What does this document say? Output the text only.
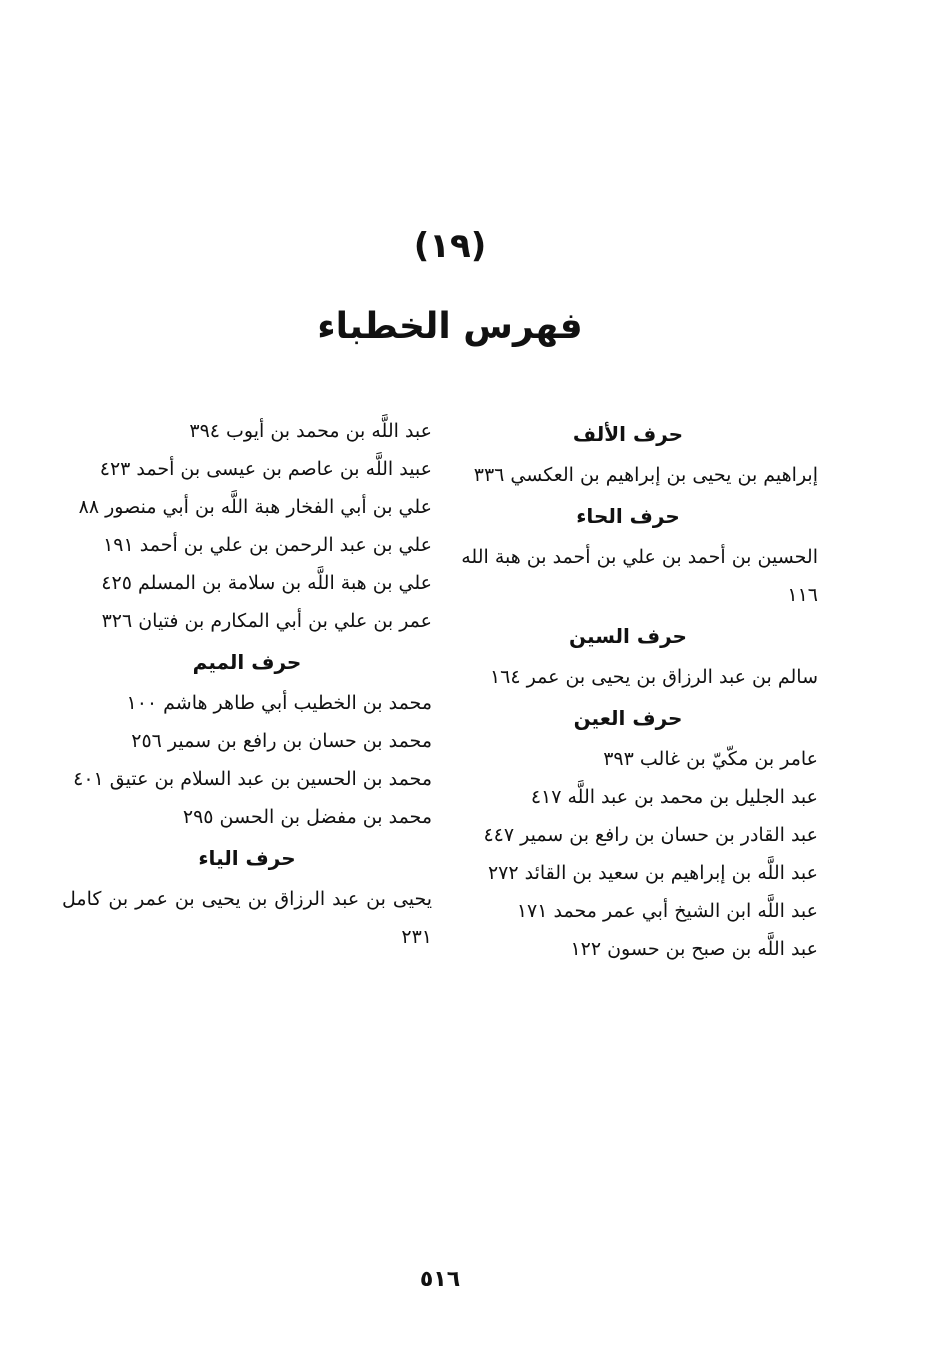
(١٩)
فهرس الخطباء
حرف الألف
إبراهيم بن يحيى بن إبراهيم بن العكسي ٣٣٦
حرف الحاء
الحسين بن أحمد بن علي بن أحمد بن هبة الله ١١٦
حرف السين
سالم بن عبد الرزاق بن يحيى بن عمر ١٦٤
حرف العين
عامر بن مكّيّ بن غالب ٣٩٣
عبد الجليل بن محمد بن عبد اللَّه ٤١٧
عبد القادر بن حسان بن رافع بن سمير ٤٤٧
عبد اللَّه بن إبراهيم بن سعيد بن القائد ٢٧٢
عبد اللَّه ابن الشيخ أبي عمر محمد ١٧١
عبد اللَّه بن صبح بن حسون ١٢٢
عبد اللَّه بن محمد بن أيوب ٣٩٤
عبيد اللَّه بن عاصم بن عيسى بن أحمد ٤٢٣
علي بن أبي الفخار هبة اللَّه بن أبي منصور ٨٨
علي بن عبد الرحمن بن علي بن أحمد ١٩١
علي بن هبة اللَّه بن سلامة بن المسلم ٤٢٥
عمر بن علي بن أبي المكارم بن فتيان ٣٢٦
حرف الميم
محمد بن الخطيب أبي طاهر هاشم ١٠٠
محمد بن حسان بن رافع بن سمير ٢٥٦
محمد بن الحسين بن عبد السلام بن عتيق ٤٠١
محمد بن مفضل بن الحسن ٢٩٥
حرف الياء
يحيى بن عبد الرزاق بن يحيى بن عمر بن كامل ٢٣١
٥١٦
